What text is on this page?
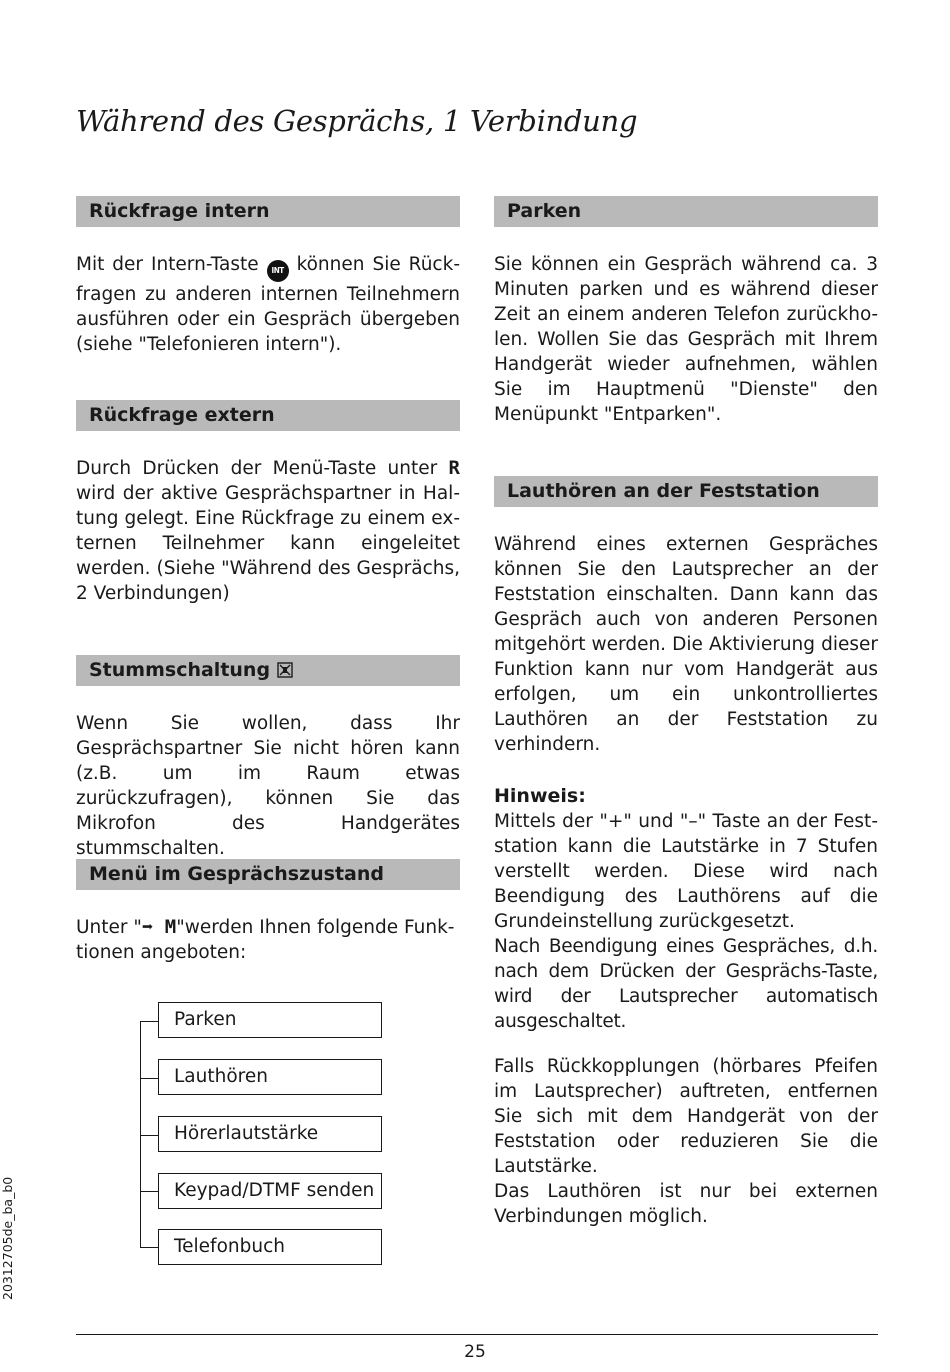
Während des Gesprächs, 1 Verbindung
Rückfrage intern
Mit der Intern-Taste INT können Sie Rückfragen zu anderen internen Teilnehmern ausführen oder ein Gespräch übergeben (siehe "Telefonieren intern").
Rückfrage extern
Durch Drücken der Menü-Taste unter R wird der aktive Gesprächspartner in Haltung gelegt. Eine Rückfrage zu einem externen Teilnehmer kann eingeleitet werden. (Siehe "Während des Gesprächs, 2 Verbindungen)
Stummschaltung
Wenn Sie wollen, dass Ihr Gesprächspartner Sie nicht hören kann (z.B. um im Raum etwas zurückzufragen), können Sie das Mikrofon des Handgerätes stummschalten.
Menü im Gesprächszustand
Unter "➡ M"werden Ihnen folgende Funktionen angeboten:
Parken
Lauthören
Hörerlautstärke
Keypad/DTMF senden
Telefonbuch
Parken
Sie können ein Gespräch während ca. 3 Minuten parken und es während dieser Zeit an einem anderen Telefon zurückholen. Wollen Sie das Gespräch mit Ihrem Handgerät wieder aufnehmen, wählen Sie im Hauptmenü "Dienste" den Menüpunkt "Entparken".
Lauthören an der Feststation
Während eines externen Gespräches können Sie den Lautsprecher an der Feststation einschalten. Dann kann das Gespräch auch von anderen Personen mitgehört werden. Die Aktivierung dieser Funktion kann nur vom Handgerät aus erfolgen, um ein unkontrolliertes Lauthören an der Feststation zu verhindern.
Hinweis:
Mittels der "+" und "–" Taste an der Feststation kann die Lautstärke in 7 Stufen verstellt werden. Diese wird nach Beendigung des Lauthörens auf die Grundeinstellung zurückgesetzt.
Nach Beendigung eines Gespräches, d.h. nach dem Drücken der Gesprächs-Taste, wird der Lautsprecher automatisch ausgeschaltet.
Falls Rückkopplungen (hörbares Pfeifen im Lautsprecher) auftreten, entfernen Sie sich mit dem Handgerät von der Feststation oder reduzieren Sie die Lautstärke.
Das Lauthören ist nur bei externen Verbindungen möglich.
20312705de_ba_b0
25
